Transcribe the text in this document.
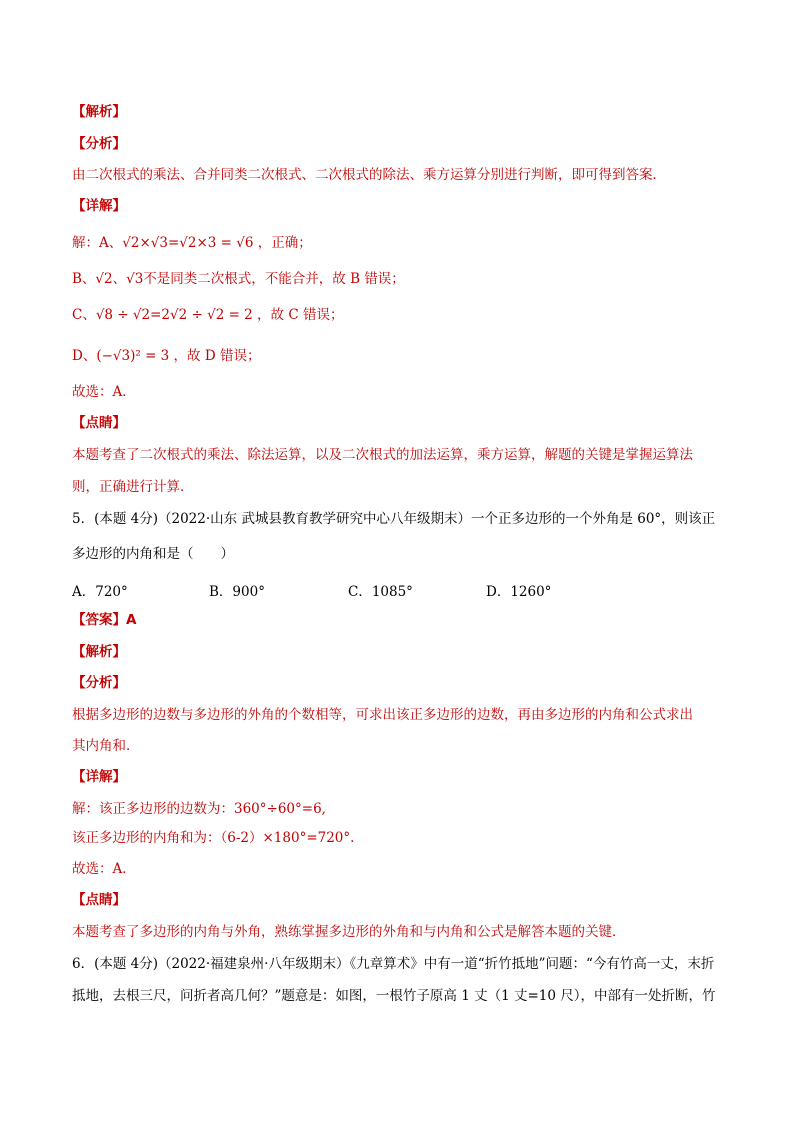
【解析】
【分析】
由二次根式的乘法、合并同类二次根式、二次根式的除法、乘方运算分别进行判断，即可得到答案．
【详解】
解：A、√2×√3=√2×3 = √6 ，正确；
B、√2、√3不是同类二次根式，不能合并，故 B 错误；
C、√8 ÷ √2=2√2 ÷ √2 = 2 ，故 C 错误；
D、(−√3)² = 3 ，故 D 错误；
故选：A．
【点睛】
本题考查了二次根式的乘法、除法运算，以及二次根式的加法运算，乘方运算，解题的关键是掌握运算法
则，正确进行计算．
5．(本题 4分)（2022·山东 武城县教育教学研究中心八年级期末）一个正多边形的一个外角是 60°，则该正
多边形的内角和是（　　）
A．720°	B．900°	C．1085°	D．1260°
【答案】A
【解析】
【分析】
根据多边形的边数与多边形的外角的个数相等，可求出该正多边形的边数，再由多边形的内角和公式求出
其内角和．
【详解】
解：该正多边形的边数为：360°÷60°=6,
该正多边形的内角和为：（6-2）×180°=720°.
故选：A．
【点睛】
本题考查了多边形的内角与外角，熟练掌握多边形的外角和与内角和公式是解答本题的关键．
6．(本题 4分)（2022·福建泉州·八年级期末）《九章算术》中有一道“折竹抵地”问题：“今有竹高一丈，末折
抵地，去根三尺，问折者高几何？”题意是：如图，一根竹子原高 1 丈（1 丈=10 尺），中部有一处折断，竹
